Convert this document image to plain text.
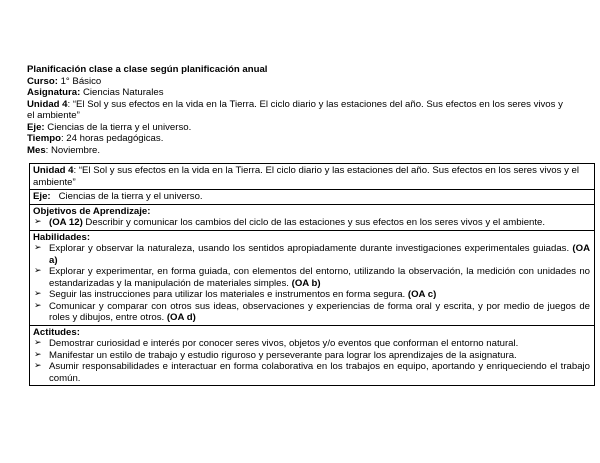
Planificación clase a clase según planificación anual

Curso: 1° Básico

Asignatura: Ciencias Naturales

Unidad 4: “El Sol y sus efectos en la vida en la Tierra. El ciclo diario y las estaciones del año. Sus efectos en los seres vivos y el ambiente”

Eje: Ciencias de la tierra y el universo.

Tiempo: 24 horas pedagógicas.

Mes: Noviembre.

Unidad 4: “El Sol y sus efectos en la vida en la Tierra. El ciclo diario y las estaciones del año. Sus efectos en los seres vivos y el ambiente”
Eje:   Ciencias de la tierra y el universo.

Objetivos de Aprendizaje:
➢ (OA 12) Describir y comunicar los cambios del ciclo de las estaciones y sus efectos en los seres vivos y el ambiente.

Habilidades:
➢ Explorar y observar la naturaleza, usando los sentidos apropiadamente durante investigaciones experimentales guiadas. (OA a)
➢ Explorar y experimentar, en forma guiada, con elementos del entorno, utilizando la observación, la medición con unidades no estandarizadas y la manipulación de materiales simples. (OA b)
➢ Seguir las instrucciones para utilizar los materiales e instrumentos en forma segura. (OA c)
➢ Comunicar y comparar con otros sus ideas, observaciones y experiencias de forma oral y escrita, y por medio de juegos de roles y dibujos, entre otros. (OA d)

Actitudes:
➢ Demostrar curiosidad e interés por conocer seres vivos, objetos y/o eventos que conforman el entorno natural.
➢ Manifestar un estilo de trabajo y estudio riguroso y perseverante para lograr los aprendizajes de la asignatura.
➢ Asumir responsabilidades e interactuar en forma colaborativa en los trabajos en equipo, aportando y enriqueciendo el trabajo común.
